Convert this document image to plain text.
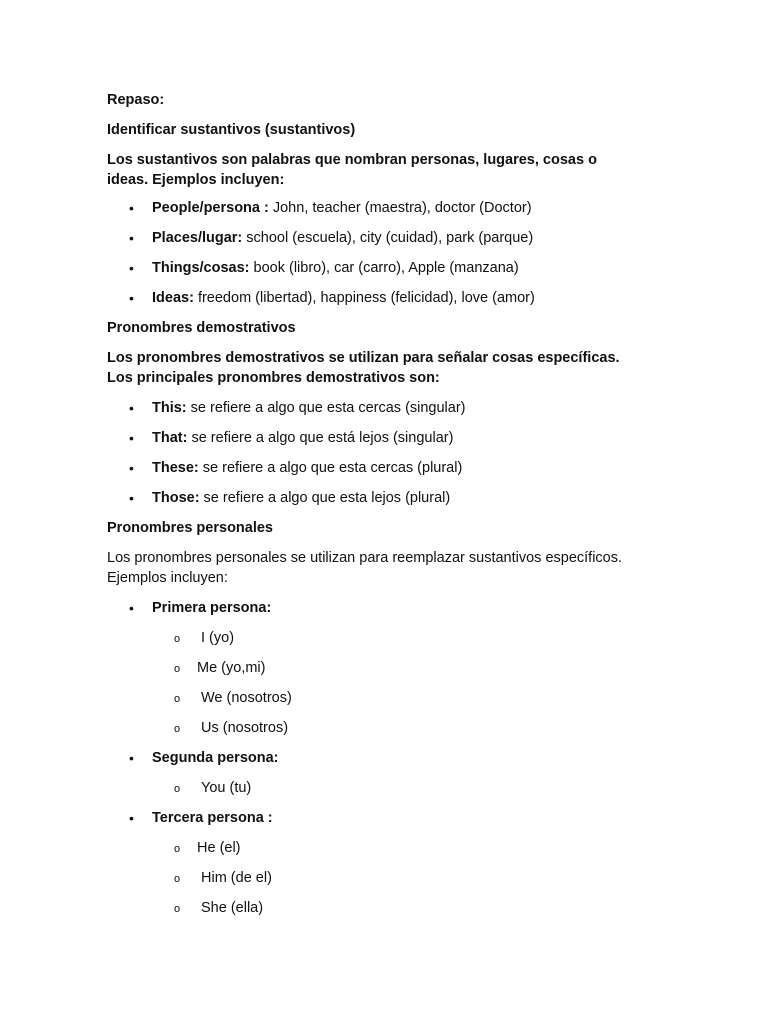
Repaso:

Identificar sustantivos (sustantivos)

Los sustantivos son palabras que nombran personas, lugares, cosas o

ideas. Ejemplos incluyen:

•	People/persona : John, teacher (maestra), doctor (Doctor)
•	Places/lugar: school (escuela), city (cuidad), park (parque)
•	Things/cosas: book (libro), car (carro), Apple (manzana)
•	Ideas: freedom (libertad), happiness (felicidad), love (amor)

Pronombres demostrativos

Los pronombres demostrativos se utilizan para señalar cosas específicas.

Los principales pronombres demostrativos son:

•	This: se refiere a algo que esta cercas (singular)
•	That: se refiere a algo que está lejos (singular)
•	These: se refiere a algo que esta cercas (plural)
•	Those: se refiere a algo que esta lejos (plural)

Pronombres personales

Los pronombres personales se utilizan para reemplazar sustantivos específicos.

Ejemplos incluyen:

•	Primera persona:
o I (yo)
o Me (yo,mi)
o We (nosotros)
o Us (nosotros)
•	Segunda persona:
o You (tu)
•	Tercera persona :
o He (el)
o Him (de el)
o She (ella)
